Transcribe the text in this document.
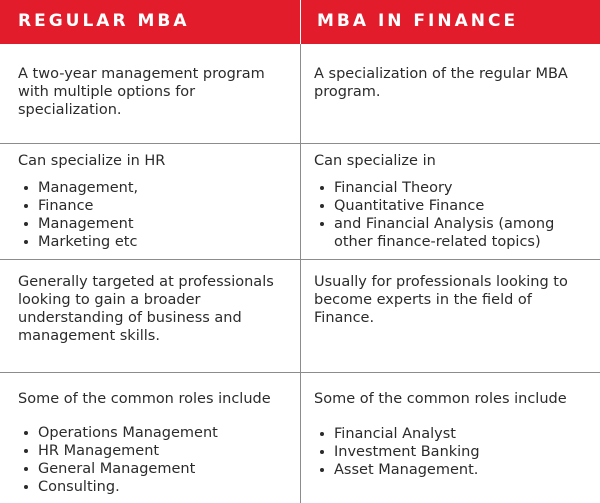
REGULAR MBA	MBA IN FINANCE

A two-year management program with multiple options for specialization.

A specialization of the regular MBA program.

Can specialize in HR

Management,
Finance
Management
Marketing etc

Can specialize in

Financial Theory
Quantitative Finance
and Financial Analysis (among other finance-related topics)

Generally targeted at professionals looking to gain a broader understanding of business and management skills.

Usually for professionals looking to become experts in the field of Finance.

Some of the common roles include

Operations Management
HR Management
General Management
Consulting.

Some of the common roles include

Financial Analyst
Investment Banking
Asset Management.
